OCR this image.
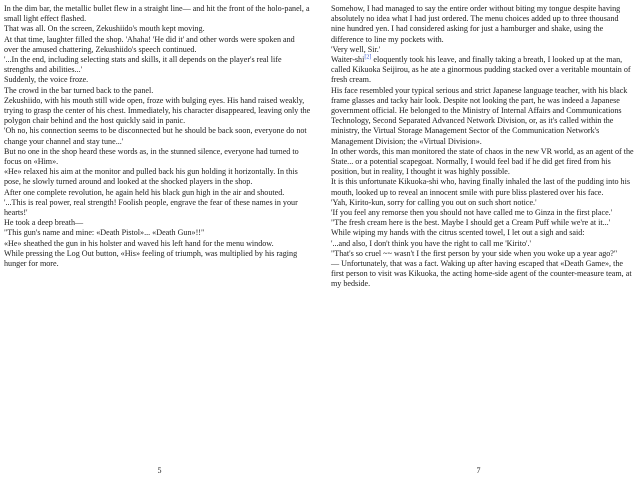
In the dim bar, the metallic bullet flew in a straight line— and hit the front of the holo-panel, a small light effect flashed.

That was all. On the screen, Zekushiido's mouth kept moving.

At that time, laughter filled the shop. 'Ahaha! 'He did it' and other words were spoken and over the amused chattering, Zekushiido's speech continued.

'...In the end, including selecting stats and skills, it all depends on the player's real life strengths and abilities...'

Suddenly, the voice froze.

The crowd in the bar turned back to the panel.

Zekushiido, with his mouth still wide open, froze with bulging eyes. His hand raised weakly, trying to grasp the center of his chest. Immediately, his character disappeared, leaving only the polygon chair behind and the host quickly said in panic.

'Oh no, his connection seems to be disconnected but he should be back soon, everyone do not change your channel and stay tune...'

But no one in the shop heard these words as, in the stunned silence, everyone had turned to focus on «Him».

«He» relaxed his aim at the monitor and pulled back his gun holding it horizontally. In this pose, he slowly turned around and looked at the shocked players in the shop.

After one complete revolution, he again held his black gun high in the air and shouted.

'...This is real power, real strength! Foolish people, engrave the fear of these names in your hearts!'

He took a deep breath—

"This gun's name and mine: «Death Pistol»... «Death Gun»!!"

«He» sheathed the gun in his holster and waved his left hand for the menu window.

While pressing the Log Out button, «His» feeling of triumph, was multiplied by his raging hunger for more.

5

Somehow, I had managed to say the entire order without biting my tongue despite having absolutely no idea what I had just ordered. The menu choices added up to three thousand nine hundred yen. I had considered asking for just a hamburger and shake, using the difference to line my pockets with.

'Very well, Sir.'

Waiter-shi[2] eloquently took his leave, and finally taking a breath, I looked up at the man, called Kikuoka Seijirou, as he ate a ginormous pudding stacked over a veritable mountain of fresh cream.

His face resembled your typical serious and strict Japanese language teacher, with his black frame glasses and tacky hair look. Despite not looking the part, he was indeed a Japanese government official. He belonged to the Ministry of Internal Affairs and Communications Technology, Second Separated Advanced Network Division, or, as it's called within the ministry, the Virtual Storage Management Sector of the Communication Network's Management Division; the «Virtual Division».

In other words, this man monitored the state of chaos in the new VR world, as an agent of the State... or a potential scapegoat. Normally, I would feel bad if he did get fired from his position, but in reality, I thought it was highly possible.

It is this unfortunate Kikuoka-shi who, having finally inhaled the last of the pudding into his mouth, looked up to reveal an innocent smile with pure bliss plastered over his face.

'Yah, Kirito-kun, sorry for calling you out on such short notice.'

'If you feel any remorse then you should not have called me to Ginza in the first place.'

"The fresh cream here is the best. Maybe I should get a Cream Puff while we're at it...'

While wiping my hands with the citrus scented towel, I let out a sigh and said:

'...and also, I don't think you have the right to call me 'Kirito'.'

"That's so cruel ~~ wasn't I the first person by your side when you woke up a year ago?"

— Unfortunately, that was a fact. Waking up after having escaped that «Death Game», the first person to visit was Kikuoka, the acting home-side agent of the counter-measure team, at my bedside.

7
